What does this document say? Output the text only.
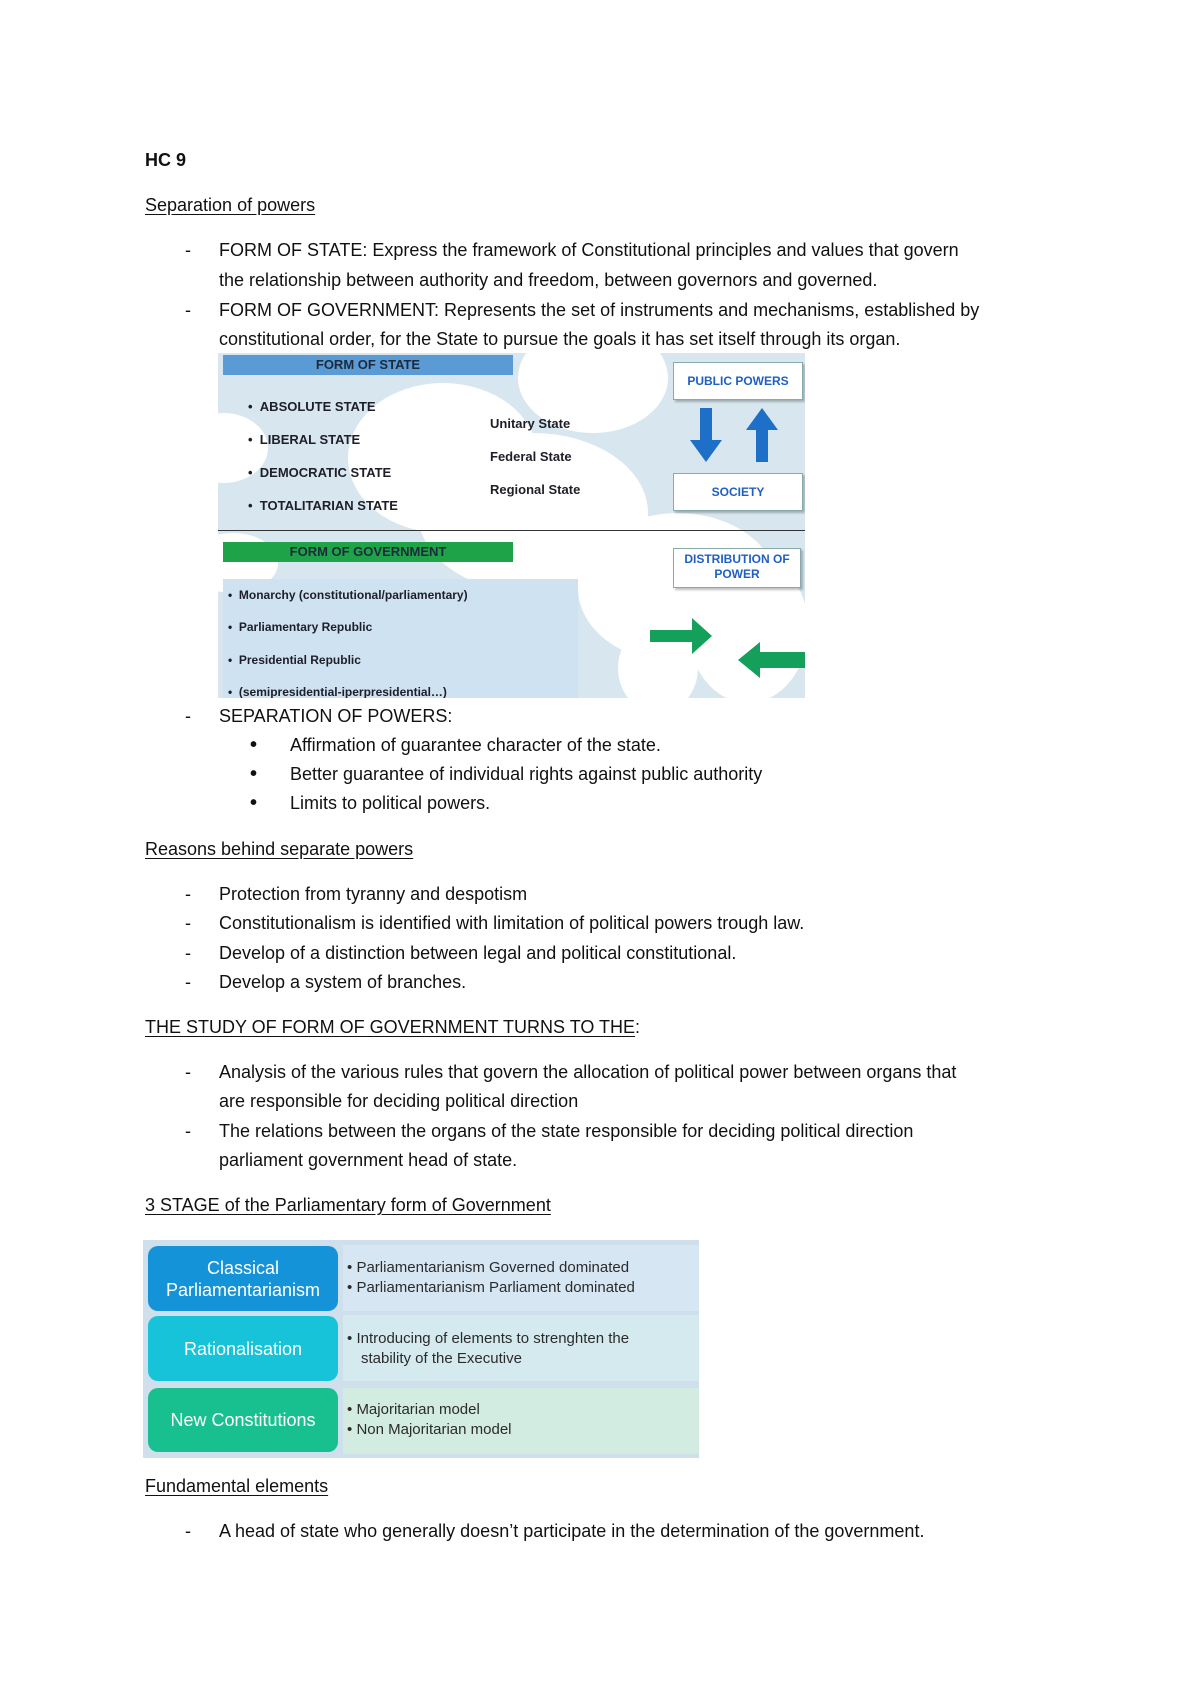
HC 9
Separation of powers
- FORM OF STATE: Express the framework of Constitutional principles and values that govern
the relationship between authority and freedom, between governors and governed.
- FORM OF GOVERNMENT: Represents the set of instruments and mechanisms, established by
constitutional order, for the State to pursue the goals it has set itself through its organ.
FORM OF STATE
• ABSOLUTE STATE
• LIBERAL STATE
• DEMOCRATIC STATE
• TOTALITARIAN STATE
Unitary State
Federal State
Regional State
PUBLIC POWERS
SOCIETY
FORM OF GOVERNMENT
• Monarchy (constitutional/parliamentary)
• Parliamentary Republic
• Presidential Republic
• (semipresidential-iperpresidential…)
DISTRIBUTION OF POWER
- SEPARATION OF POWERS:
• Affirmation of guarantee character of the state.
• Better guarantee of individual rights against public authority
• Limits to political powers.
Reasons behind separate powers
- Protection from tyranny and despotism
- Constitutionalism is identified with limitation of political powers trough law.
- Develop of a distinction between legal and political constitutional.
- Develop a system of branches.
THE STUDY OF FORM OF GOVERNMENT TURNS TO THE:
- Analysis of the various rules that govern the allocation of political power between organs that
are responsible for deciding political direction
- The relations between the organs of the state responsible for deciding political direction
parliament government head of state.
3 STAGE of the Parliamentary form of Government
Classical
Parliamentarianism
• Parliamentarianism Governed dominated
• Parliamentarianism Parliament dominated
Rationalisation	• Introducing of elements to strenghten the
stability of the Executive
New Constitutions
• Majoritarian model
• Non Majoritarian model
Fundamental elements
- A head of state who generally doesn’t participate in the determination of the government.
